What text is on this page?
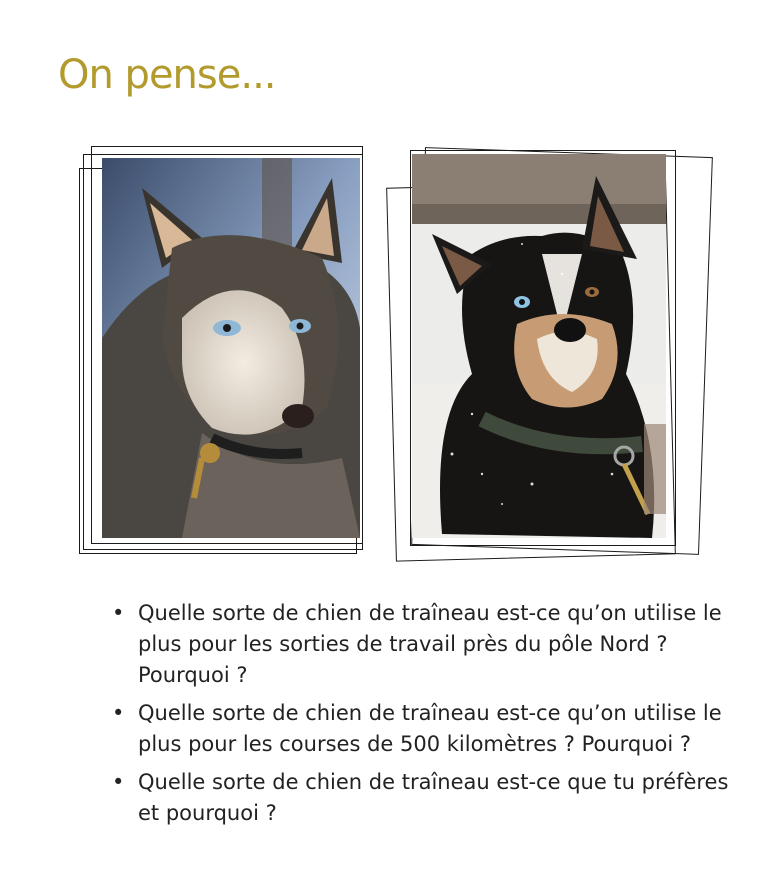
On pense...
• Quelle sorte de chien de traîneau est-ce qu’on utilise le plus pour les sorties de travail près du pôle Nord ? Pourquoi ?
• Quelle sorte de chien de traîneau est-ce qu’on utilise le plus pour les courses de 500 kilomètres ? Pourquoi ?
• Quelle sorte de chien de traîneau est-ce que tu préfères et pourquoi ?
